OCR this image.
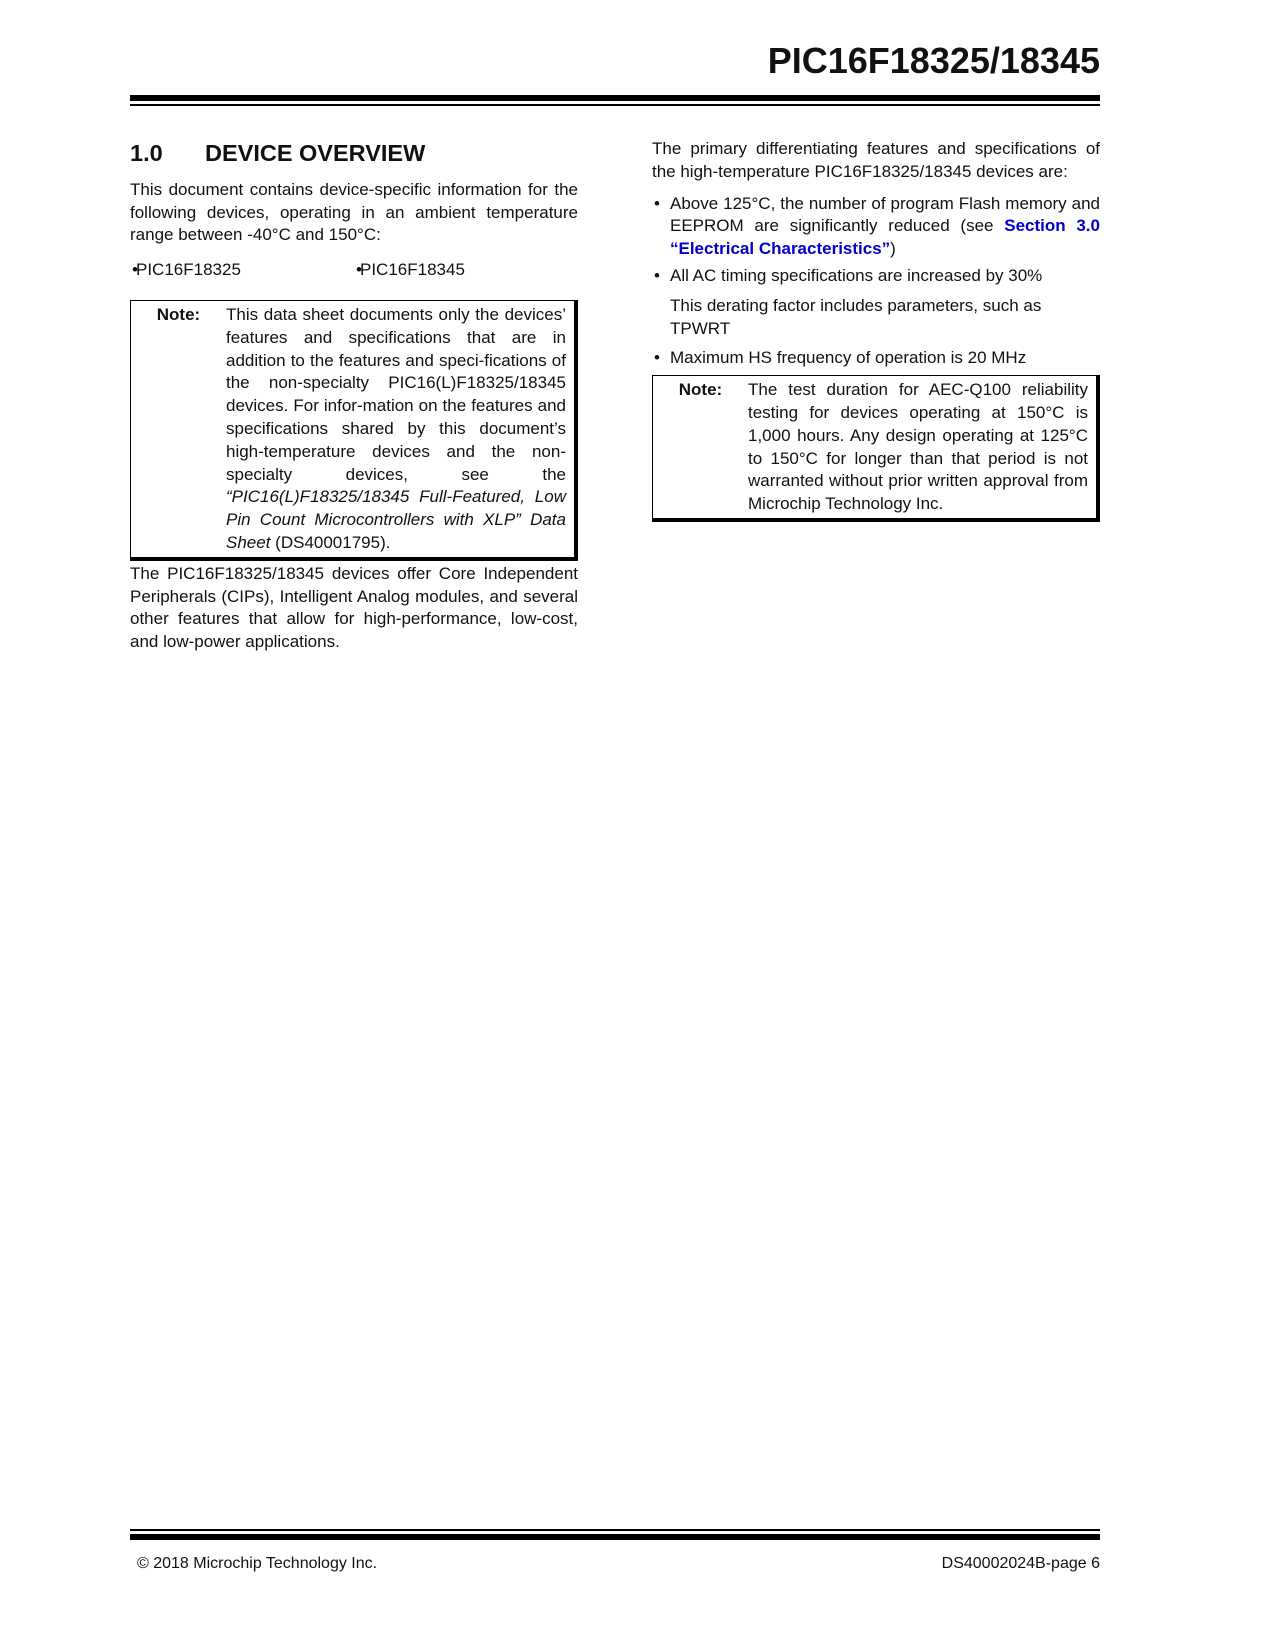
PIC16F18325/18345
1.0 DEVICE OVERVIEW

This document contains device-specific information for the following devices, operating in an ambient temperature range between -40°C and 150°C:

• PIC16F18325
•	PIC16F18345
Note:	This data sheet documents only the devices’ features and specifications that are in addition to the features and speci-fications of the non-specialty PIC16(L)F18325/18345 devices. For infor-mation on the features and specifications shared by this document’s high-temperature devices and the non-specialty devices, see the “PIC16(L)F18325/18345 Full-Featured, Low Pin Count Microcontrollers with XLP” Data Sheet (DS40001795).

The PIC16F18325/18345 devices offer Core Independent Peripherals (CIPs), Intelligent Analog modules, and several other features that allow for high-performance, low-cost, and low-power applications.

The primary differentiating features and specifications of the high-temperature PIC16F18325/18345 devices are:

• Above 125°C, the number of program Flash memory and EEPROM are significantly reduced (see Section 3.0 “Electrical Characteristics”)
• All AC timing specifications are increased by 30%
This derating factor includes parameters, such as
TPWRT
• Maximum HS frequency of operation is 20 MHz
Note:	The test duration for AEC-Q100 reliability testing for devices operating at 150°C is 1,000 hours. Any design operating at 125°C to 150°C for longer than that period is not warranted without prior written approval from Microchip Technology Inc.
© 2018 Microchip Technology Inc.	DS40002024B-page 6
